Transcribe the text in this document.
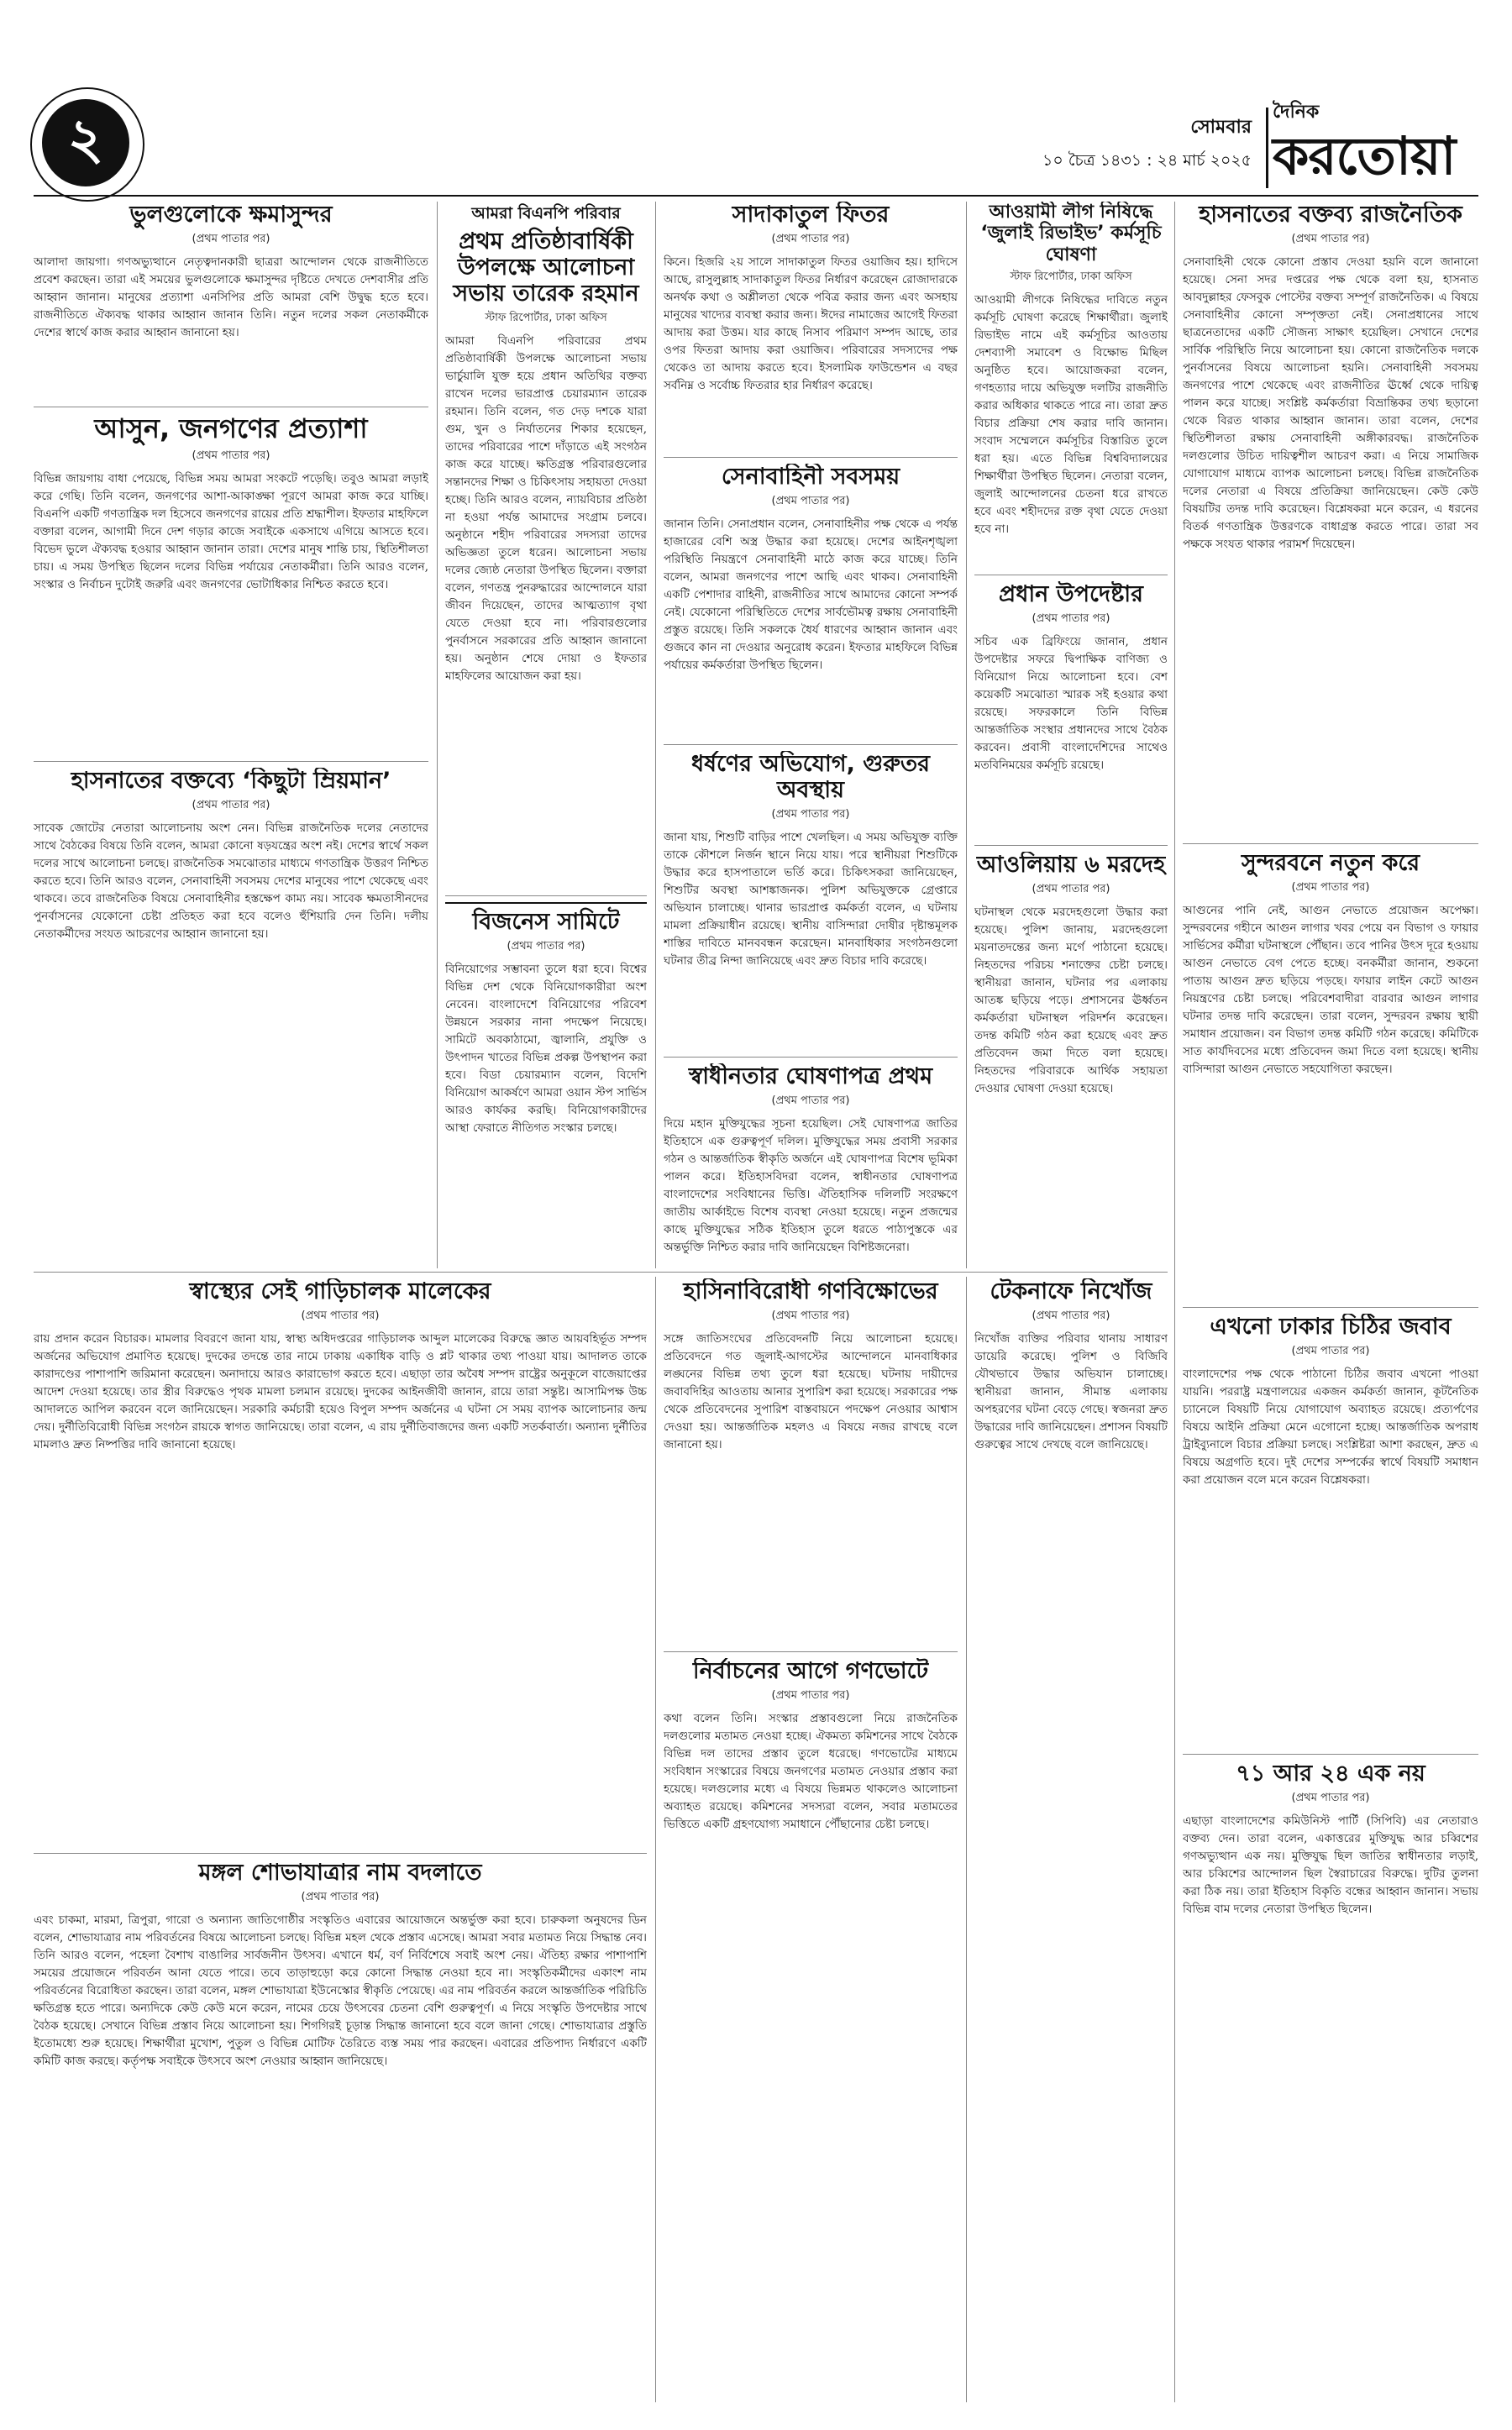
২	সোমবার
১০ চৈত্র ১৪৩১ : ২৪ মার্চ ২০২৫
দৈনিক
করতোয়া
ভুলগুলোকে ক্ষমাসুন্দর
(প্রথম পাতার পর)

আলাদা জায়গা। গণঅভ্যুত্থানে নেতৃত্বদানকারী ছাত্ররা আন্দোলন থেকে রাজনীতিতে প্রবেশ করছেন। তারা এই সময়ের ভুলগুলোকে ক্ষমাসুন্দর দৃষ্টিতে দেখতে দেশবাসীর প্রতি আহ্বান জানান। মানুষের প্রত্যাশা এনসিপির প্রতি আমরা বেশি উদ্বুদ্ধ হতে হবে। রাজনীতিতে ঐক্যবদ্ধ থাকার আহ্বান জানান তিনি। নতুন দলের সকল নেতাকর্মীকে দেশের স্বার্থে কাজ করার আহ্বান জানানো হয়।

আসুন, জনগণের প্রত্যাশা
(প্রথম পাতার পর)

বিভিন্ন জায়গায় বাধা পেয়েছে, বিভিন্ন সময় আমরা সংকটে পড়েছি। তবুও আমরা লড়াই করে গেছি। তিনি বলেন, জনগণের আশা-আকাঙ্ক্ষা পূরণে আমরা কাজ করে যাচ্ছি। বিএনপি একটি গণতান্ত্রিক দল হিসেবে জনগণের রায়ের প্রতি শ্রদ্ধাশীল। ইফতার মাহফিলে বক্তারা বলেন, আগামী দিনে দেশ গড়ার কাজে সবাইকে একসাথে এগিয়ে আসতে হবে। বিভেদ ভুলে ঐক্যবদ্ধ হওয়ার আহ্বান জানান তারা। দেশের মানুষ শান্তি চায়, স্থিতিশীলতা চায়। এ সময় উপস্থিত ছিলেন দলের বিভিন্ন পর্যায়ের নেতাকর্মীরা। তিনি আরও বলেন, সংস্কার ও নির্বাচন দুটোই জরুরি এবং জনগণের ভোটাধিকার নিশ্চিত করতে হবে।

হাসনাতের বক্তব্যে ‘কিছুটা ম্রিয়মান’
(প্রথম পাতার পর)

সাবেক জোটের নেতারা আলোচনায় অংশ নেন। বিভিন্ন রাজনৈতিক দলের নেতাদের সাথে বৈঠকের বিষয়ে তিনি বলেন, আমরা কোনো ষড়যন্ত্রের অংশ নই। দেশের স্বার্থে সকল দলের সাথে আলোচনা চলছে। রাজনৈতিক সমঝোতার মাধ্যমে গণতান্ত্রিক উত্তরণ নিশ্চিত করতে হবে। তিনি আরও বলেন, সেনাবাহিনী সবসময় দেশের মানুষের পাশে থেকেছে এবং থাকবে। তবে রাজনৈতিক বিষয়ে সেনাবাহিনীর হস্তক্ষেপ কাম্য নয়। সাবেক ক্ষমতাসীনদের পুনর্বাসনের যেকোনো চেষ্টা প্রতিহত করা হবে বলেও হুঁশিয়ারি দেন তিনি। দলীয় নেতাকর্মীদের সংযত আচরণের আহ্বান জানানো হয়।

আমরা বিএনপি পরিবার
প্রথম প্রতিষ্ঠাবার্ষিকী উপলক্ষে আলোচনা সভায় তারেক রহমান
স্টাফ রিপোর্টার, ঢাকা অফিস

আমরা বিএনপি পরিবারের প্রথম প্রতিষ্ঠাবার্ষিকী উপলক্ষে আলোচনা সভায় ভার্চুয়ালি যুক্ত হয়ে প্রধান অতিথির বক্তব্য রাখেন দলের ভারপ্রাপ্ত চেয়ারম্যান তারেক রহমান। তিনি বলেন, গত দেড় দশকে যারা গুম, খুন ও নির্যাতনের শিকার হয়েছেন, তাদের পরিবারের পাশে দাঁড়াতে এই সংগঠন কাজ করে যাচ্ছে। ক্ষতিগ্রস্ত পরিবারগুলোর সন্তানদের শিক্ষা ও চিকিৎসায় সহায়তা দেওয়া হচ্ছে। তিনি আরও বলেন, ন্যায়বিচার প্রতিষ্ঠা না হওয়া পর্যন্ত আমাদের সংগ্রাম চলবে। অনুষ্ঠানে শহীদ পরিবারের সদস্যরা তাদের অভিজ্ঞতা তুলে ধরেন। আলোচনা সভায় দলের জ্যেষ্ঠ নেতারা উপস্থিত ছিলেন। বক্তারা বলেন, গণতন্ত্র পুনরুদ্ধারের আন্দোলনে যারা জীবন দিয়েছেন, তাদের আত্মত্যাগ বৃথা যেতে দেওয়া হবে না। পরিবারগুলোর পুনর্বাসনে সরকারের প্রতি আহ্বান জানানো হয়। অনুষ্ঠান শেষে দোয়া ও ইফতার মাহফিলের আয়োজন করা হয়।

বিজনেস সামিটে
(প্রথম পাতার পর)

বিনিয়োগের সম্ভাবনা তুলে ধরা হবে। বিশ্বের বিভিন্ন দেশ থেকে বিনিয়োগকারীরা অংশ নেবেন। বাংলাদেশে বিনিয়োগের পরিবেশ উন্নয়নে সরকার নানা পদক্ষেপ নিয়েছে। সামিটে অবকাঠামো, জ্বালানি, প্রযুক্তি ও উৎপাদন খাতের বিভিন্ন প্রকল্প উপস্থাপন করা হবে। বিডা চেয়ারম্যান বলেন, বিদেশি বিনিয়োগ আকর্ষণে আমরা ওয়ান স্টপ সার্ভিস আরও কার্যকর করছি। বিনিয়োগকারীদের আস্থা ফেরাতে নীতিগত সংস্কার চলছে।

সাদাকাতুল ফিতর
(প্রথম পাতার পর)

কিনে। হিজরি ২য় সালে সাদাকাতুল ফিতর ওয়াজিব হয়। হাদিসে আছে, রাসুলুল্লাহ সাদাকাতুল ফিতর নির্ধারণ করেছেন রোজাদারকে অনর্থক কথা ও অশ্লীলতা থেকে পবিত্র করার জন্য এবং অসহায় মানুষের খাদ্যের ব্যবস্থা করার জন্য। ঈদের নামাজের আগেই ফিতরা আদায় করা উত্তম। যার কাছে নিসাব পরিমাণ সম্পদ আছে, তার ওপর ফিতরা আদায় করা ওয়াজিব। পরিবারের সদস্যদের পক্ষ থেকেও তা আদায় করতে হবে। ইসলামিক ফাউন্ডেশন এ বছর সর্বনিম্ন ও সর্বোচ্চ ফিতরার হার নির্ধারণ করেছে।

সেনাবাহিনী সবসময়
(প্রথম পাতার পর)

জানান তিনি। সেনাপ্রধান বলেন, সেনাবাহিনীর পক্ষ থেকে এ পর্যন্ত হাজারের বেশি অস্ত্র উদ্ধার করা হয়েছে। দেশের আইনশৃঙ্খলা পরিস্থিতি নিয়ন্ত্রণে সেনাবাহিনী মাঠে কাজ করে যাচ্ছে। তিনি বলেন, আমরা জনগণের পাশে আছি এবং থাকব। সেনাবাহিনী একটি পেশাদার বাহিনী, রাজনীতির সাথে আমাদের কোনো সম্পর্ক নেই। যেকোনো পরিস্থিতিতে দেশের সার্বভৌমত্ব রক্ষায় সেনাবাহিনী প্রস্তুত রয়েছে। তিনি সকলকে ধৈর্য ধারণের আহ্বান জানান এবং গুজবে কান না দেওয়ার অনুরোধ করেন। ইফতার মাহফিলে বিভিন্ন পর্যায়ের কর্মকর্তারা উপস্থিত ছিলেন।

ধর্ষণের অভিযোগ, গুরুতর অবস্থায়
(প্রথম পাতার পর)

জানা যায়, শিশুটি বাড়ির পাশে খেলছিল। এ সময় অভিযুক্ত ব্যক্তি তাকে কৌশলে নির্জন স্থানে নিয়ে যায়। পরে স্থানীয়রা শিশুটিকে উদ্ধার করে হাসপাতালে ভর্তি করে। চিকিৎসকরা জানিয়েছেন, শিশুটির অবস্থা আশঙ্কাজনক। পুলিশ অভিযুক্তকে গ্রেপ্তারে অভিযান চালাচ্ছে। থানার ভারপ্রাপ্ত কর্মকর্তা বলেন, এ ঘটনায় মামলা প্রক্রিয়াধীন রয়েছে। স্থানীয় বাসিন্দারা দোষীর দৃষ্টান্তমূলক শাস্তির দাবিতে মানববন্ধন করেছেন। মানবাধিকার সংগঠনগুলো ঘটনার তীব্র নিন্দা জানিয়েছে এবং দ্রুত বিচার দাবি করেছে।

স্বাধীনতার ঘোষণাপত্র প্রথম
(প্রথম পাতার পর)

দিয়ে মহান মুক্তিযুদ্ধের সূচনা হয়েছিল। সেই ঘোষণাপত্র জাতির ইতিহাসে এক গুরুত্বপূর্ণ দলিল। মুক্তিযুদ্ধের সময় প্রবাসী সরকার গঠন ও আন্তর্জাতিক স্বীকৃতি অর্জনে এই ঘোষণাপত্র বিশেষ ভূমিকা পালন করে। ইতিহাসবিদরা বলেন, স্বাধীনতার ঘোষণাপত্র বাংলাদেশের সংবিধানের ভিত্তি। ঐতিহাসিক দলিলটি সংরক্ষণে জাতীয় আর্কাইভে বিশেষ ব্যবস্থা নেওয়া হয়েছে। নতুন প্রজন্মের কাছে মুক্তিযুদ্ধের সঠিক ইতিহাস তুলে ধরতে পাঠ্যপুস্তকে এর অন্তর্ভুক্তি নিশ্চিত করার দাবি জানিয়েছেন বিশিষ্টজনেরা।

আওয়ামী লীগ নিষিদ্ধে ‘জুলাই রিভাইভ’ কর্মসূচি ঘোষণা
স্টাফ রিপোর্টার, ঢাকা অফিস

আওয়ামী লীগকে নিষিদ্ধের দাবিতে নতুন কর্মসূচি ঘোষণা করেছে শিক্ষার্থীরা। জুলাই রিভাইভ নামে এই কর্মসূচির আওতায় দেশব্যাপী সমাবেশ ও বিক্ষোভ মিছিল অনুষ্ঠিত হবে। আয়োজকরা বলেন, গণহত্যার দায়ে অভিযুক্ত দলটির রাজনীতি করার অধিকার থাকতে পারে না। তারা দ্রুত বিচার প্রক্রিয়া শেষ করার দাবি জানান। সংবাদ সম্মেলনে কর্মসূচির বিস্তারিত তুলে ধরা হয়। এতে বিভিন্ন বিশ্ববিদ্যালয়ের শিক্ষার্থীরা উপস্থিত ছিলেন। নেতারা বলেন, জুলাই আন্দোলনের চেতনা ধরে রাখতে হবে এবং শহীদদের রক্ত বৃথা যেতে দেওয়া হবে না।

প্রধান উপদেষ্টার
(প্রথম পাতার পর)

সচিব এক ব্রিফিংয়ে জানান, প্রধান উপদেষ্টার সফরে দ্বিপাক্ষিক বাণিজ্য ও বিনিয়োগ নিয়ে আলোচনা হবে। বেশ কয়েকটি সমঝোতা স্মারক সই হওয়ার কথা রয়েছে। সফরকালে তিনি বিভিন্ন আন্তর্জাতিক সংস্থার প্রধানদের সাথে বৈঠক করবেন। প্রবাসী বাংলাদেশিদের সাথেও মতবিনিময়ের কর্মসূচি রয়েছে।

আওলিয়ায় ৬ মরদেহ
(প্রথম পাতার পর)

ঘটনাস্থল থেকে মরদেহগুলো উদ্ধার করা হয়েছে। পুলিশ জানায়, মরদেহগুলো ময়নাতদন্তের জন্য মর্গে পাঠানো হয়েছে। নিহতদের পরিচয় শনাক্তের চেষ্টা চলছে। স্থানীয়রা জানান, ঘটনার পর এলাকায় আতঙ্ক ছড়িয়ে পড়ে। প্রশাসনের ঊর্ধ্বতন কর্মকর্তারা ঘটনাস্থল পরিদর্শন করেছেন। তদন্ত কমিটি গঠন করা হয়েছে এবং দ্রুত প্রতিবেদন জমা দিতে বলা হয়েছে। নিহতদের পরিবারকে আর্থিক সহায়তা দেওয়ার ঘোষণা দেওয়া হয়েছে।

হাসনাতের বক্তব্য রাজনৈতিক
(প্রথম পাতার পর)

সেনাবাহিনী থেকে কোনো প্রস্তাব দেওয়া হয়নি বলে জানানো হয়েছে। সেনা সদর দপ্তরের পক্ষ থেকে বলা হয়, হাসনাত আবদুল্লাহর ফেসবুক পোস্টের বক্তব্য সম্পূর্ণ রাজনৈতিক। এ বিষয়ে সেনাবাহিনীর কোনো সম্পৃক্ততা নেই। সেনাপ্রধানের সাথে ছাত্রনেতাদের একটি সৌজন্য সাক্ষাৎ হয়েছিল। সেখানে দেশের সার্বিক পরিস্থিতি নিয়ে আলোচনা হয়। কোনো রাজনৈতিক দলকে পুনর্বাসনের বিষয়ে আলোচনা হয়নি। সেনাবাহিনী সবসময় জনগণের পাশে থেকেছে এবং রাজনীতির ঊর্ধ্বে থেকে দায়িত্ব পালন করে যাচ্ছে। সংশ্লিষ্ট কর্মকর্তারা বিভ্রান্তিকর তথ্য ছড়ানো থেকে বিরত থাকার আহ্বান জানান। তারা বলেন, দেশের স্থিতিশীলতা রক্ষায় সেনাবাহিনী অঙ্গীকারবদ্ধ। রাজনৈতিক দলগুলোর উচিত দায়িত্বশীল আচরণ করা। এ নিয়ে সামাজিক যোগাযোগ মাধ্যমে ব্যাপক আলোচনা চলছে। বিভিন্ন রাজনৈতিক দলের নেতারা এ বিষয়ে প্রতিক্রিয়া জানিয়েছেন। কেউ কেউ বিষয়টির তদন্ত দাবি করেছেন। বিশ্লেষকরা মনে করেন, এ ধরনের বিতর্ক গণতান্ত্রিক উত্তরণকে বাধাগ্রস্ত করতে পারে। তারা সব পক্ষকে সংযত থাকার পরামর্শ দিয়েছেন।

সুন্দরবনে নতুন করে
(প্রথম পাতার পর)

আগুনের পানি নেই, আগুন নেভাতে প্রয়োজন অপেক্ষা। সুন্দরবনের গহীনে আগুন লাগার খবর পেয়ে বন বিভাগ ও ফায়ার সার্ভিসের কর্মীরা ঘটনাস্থলে পৌঁছান। তবে পানির উৎস দূরে হওয়ায় আগুন নেভাতে বেগ পেতে হচ্ছে। বনকর্মীরা জানান, শুকনো পাতায় আগুন দ্রুত ছড়িয়ে পড়ছে। ফায়ার লাইন কেটে আগুন নিয়ন্ত্রণের চেষ্টা চলছে। পরিবেশবাদীরা বারবার আগুন লাগার ঘটনার তদন্ত দাবি করেছেন। তারা বলেন, সুন্দরবন রক্ষায় স্থায়ী সমাধান প্রয়োজন। বন বিভাগ তদন্ত কমিটি গঠন করেছে। কমিটিকে সাত কার্যদিবসের মধ্যে প্রতিবেদন জমা দিতে বলা হয়েছে। স্থানীয় বাসিন্দারা আগুন নেভাতে সহযোগিতা করছেন।

এখনো ঢাকার চিঠির জবাব
(প্রথম পাতার পর)

বাংলাদেশের পক্ষ থেকে পাঠানো চিঠির জবাব এখনো পাওয়া যায়নি। পররাষ্ট্র মন্ত্রণালয়ের একজন কর্মকর্তা জানান, কূটনৈতিক চ্যানেলে বিষয়টি নিয়ে যোগাযোগ অব্যাহত রয়েছে। প্রত্যর্পণের বিষয়ে আইনি প্রক্রিয়া মেনে এগোনো হচ্ছে। আন্তর্জাতিক অপরাধ ট্রাইব্যুনালে বিচার প্রক্রিয়া চলছে। সংশ্লিষ্টরা আশা করছেন, দ্রুত এ বিষয়ে অগ্রগতি হবে। দুই দেশের সম্পর্কের স্বার্থে বিষয়টি সমাধান করা প্রয়োজন বলে মনে করেন বিশ্লেষকরা।

৭১ আর ২৪ এক নয়
(প্রথম পাতার পর)

এছাড়া বাংলাদেশের কমিউনিস্ট পার্টি (সিপিবি) এর নেতারাও বক্তব্য দেন। তারা বলেন, একাত্তরের মুক্তিযুদ্ধ আর চব্বিশের গণঅভ্যুত্থান এক নয়। মুক্তিযুদ্ধ ছিল জাতির স্বাধীনতার লড়াই, আর চব্বিশের আন্দোলন ছিল স্বৈরাচারের বিরুদ্ধে। দুটির তুলনা করা ঠিক নয়। তারা ইতিহাস বিকৃতি বন্ধের আহ্বান জানান। সভায় বিভিন্ন বাম দলের নেতারা উপস্থিত ছিলেন।

স্বাস্থ্যের সেই গাড়িচালক মালেকের
(প্রথম পাতার পর)

রায় প্রদান করেন বিচারক। মামলার বিবরণে জানা যায়, স্বাস্থ্য অধিদপ্তরের গাড়িচালক আব্দুল মালেকের বিরুদ্ধে জ্ঞাত আয়বহির্ভূত সম্পদ অর্জনের অভিযোগ প্রমাণিত হয়েছে। দুদকের তদন্তে তার নামে ঢাকায় একাধিক বাড়ি ও প্লট থাকার তথ্য পাওয়া যায়। আদালত তাকে কারাদণ্ডের পাশাপাশি জরিমানা করেছেন। অনাদায়ে আরও কারাভোগ করতে হবে। এছাড়া তার অবৈধ সম্পদ রাষ্ট্রের অনুকূলে বাজেয়াপ্তের আদেশ দেওয়া হয়েছে। তার স্ত্রীর বিরুদ্ধেও পৃথক মামলা চলমান রয়েছে। দুদকের আইনজীবী জানান, রায়ে তারা সন্তুষ্ট। আসামিপক্ষ উচ্চ আদালতে আপিল করবেন বলে জানিয়েছেন। সরকারি কর্মচারী হয়েও বিপুল সম্পদ অর্জনের এ ঘটনা সে সময় ব্যাপক আলোচনার জন্ম দেয়। দুর্নীতিবিরোধী বিভিন্ন সংগঠন রায়কে স্বাগত জানিয়েছে। তারা বলেন, এ রায় দুর্নীতিবাজদের জন্য একটি সতর্কবার্তা। অন্যান্য দুর্নীতির মামলাও দ্রুত নিষ্পত্তির দাবি জানানো হয়েছে।

মঙ্গল শোভাযাত্রার নাম বদলাতে
(প্রথম পাতার পর)

এবং চাকমা, মারমা, ত্রিপুরা, গারো ও অন্যান্য জাতিগোষ্ঠীর সংস্কৃতিও এবারের আয়োজনে অন্তর্ভুক্ত করা হবে। চারুকলা অনুষদের ডিন বলেন, শোভাযাত্রার নাম পরিবর্তনের বিষয়ে আলোচনা চলছে। বিভিন্ন মহল থেকে প্রস্তাব এসেছে। আমরা সবার মতামত নিয়ে সিদ্ধান্ত নেব। তিনি আরও বলেন, পহেলা বৈশাখ বাঙালির সার্বজনীন উৎসব। এখানে ধর্ম, বর্ণ নির্বিশেষে সবাই অংশ নেয়। ঐতিহ্য রক্ষার পাশাপাশি সময়ের প্রয়োজনে পরিবর্তন আনা যেতে পারে। তবে তাড়াহুড়ো করে কোনো সিদ্ধান্ত নেওয়া হবে না। সংস্কৃতিকর্মীদের একাংশ নাম পরিবর্তনের বিরোধিতা করছেন। তারা বলেন, মঙ্গল শোভাযাত্রা ইউনেস্কোর স্বীকৃতি পেয়েছে। এর নাম পরিবর্তন করলে আন্তর্জাতিক পরিচিতি ক্ষতিগ্রস্ত হতে পারে। অন্যদিকে কেউ কেউ মনে করেন, নামের চেয়ে উৎসবের চেতনা বেশি গুরুত্বপূর্ণ। এ নিয়ে সংস্কৃতি উপদেষ্টার সাথে বৈঠক হয়েছে। সেখানে বিভিন্ন প্রস্তাব নিয়ে আলোচনা হয়। শিগগিরই চূড়ান্ত সিদ্ধান্ত জানানো হবে বলে জানা গেছে। শোভাযাত্রার প্রস্তুতি ইতোমধ্যে শুরু হয়েছে। শিক্ষার্থীরা মুখোশ, পুতুল ও বিভিন্ন মোটিফ তৈরিতে ব্যস্ত সময় পার করছেন। এবারের প্রতিপাদ্য নির্ধারণে একটি কমিটি কাজ করছে। কর্তৃপক্ষ সবাইকে উৎসবে অংশ নেওয়ার আহ্বান জানিয়েছে।

হাসিনাবিরোধী গণবিক্ষোভের
(প্রথম পাতার পর)

সঙ্গে জাতিসংঘের প্রতিবেদনটি নিয়ে আলোচনা হয়েছে। প্রতিবেদনে গত জুলাই-আগস্টের আন্দোলনে মানবাধিকার লঙ্ঘনের বিভিন্ন তথ্য তুলে ধরা হয়েছে। ঘটনায় দায়ীদের জবাবদিহির আওতায় আনার সুপারিশ করা হয়েছে। সরকারের পক্ষ থেকে প্রতিবেদনের সুপারিশ বাস্তবায়নে পদক্ষেপ নেওয়ার আশ্বাস দেওয়া হয়। আন্তর্জাতিক মহলও এ বিষয়ে নজর রাখছে বলে জানানো হয়।

নির্বাচনের আগে গণভোটে
(প্রথম পাতার পর)

কথা বলেন তিনি। সংস্কার প্রস্তাবগুলো নিয়ে রাজনৈতিক দলগুলোর মতামত নেওয়া হচ্ছে। ঐকমত্য কমিশনের সাথে বৈঠকে বিভিন্ন দল তাদের প্রস্তাব তুলে ধরেছে। গণভোটের মাধ্যমে সংবিধান সংস্কারের বিষয়ে জনগণের মতামত নেওয়ার প্রস্তাব করা হয়েছে। দলগুলোর মধ্যে এ বিষয়ে ভিন্নমত থাকলেও আলোচনা অব্যাহত রয়েছে। কমিশনের সদস্যরা বলেন, সবার মতামতের ভিত্তিতে একটি গ্রহণযোগ্য সমাধানে পৌঁছানোর চেষ্টা চলছে।

টেকনাফে নিখোঁজ
(প্রথম পাতার পর)

নিখোঁজ ব্যক্তির পরিবার থানায় সাধারণ ডায়েরি করেছে। পুলিশ ও বিজিবি যৌথভাবে উদ্ধার অভিযান চালাচ্ছে। স্থানীয়রা জানান, সীমান্ত এলাকায় অপহরণের ঘটনা বেড়ে গেছে। স্বজনরা দ্রুত উদ্ধারের দাবি জানিয়েছেন। প্রশাসন বিষয়টি গুরুত্বের সাথে দেখছে বলে জানিয়েছে।
